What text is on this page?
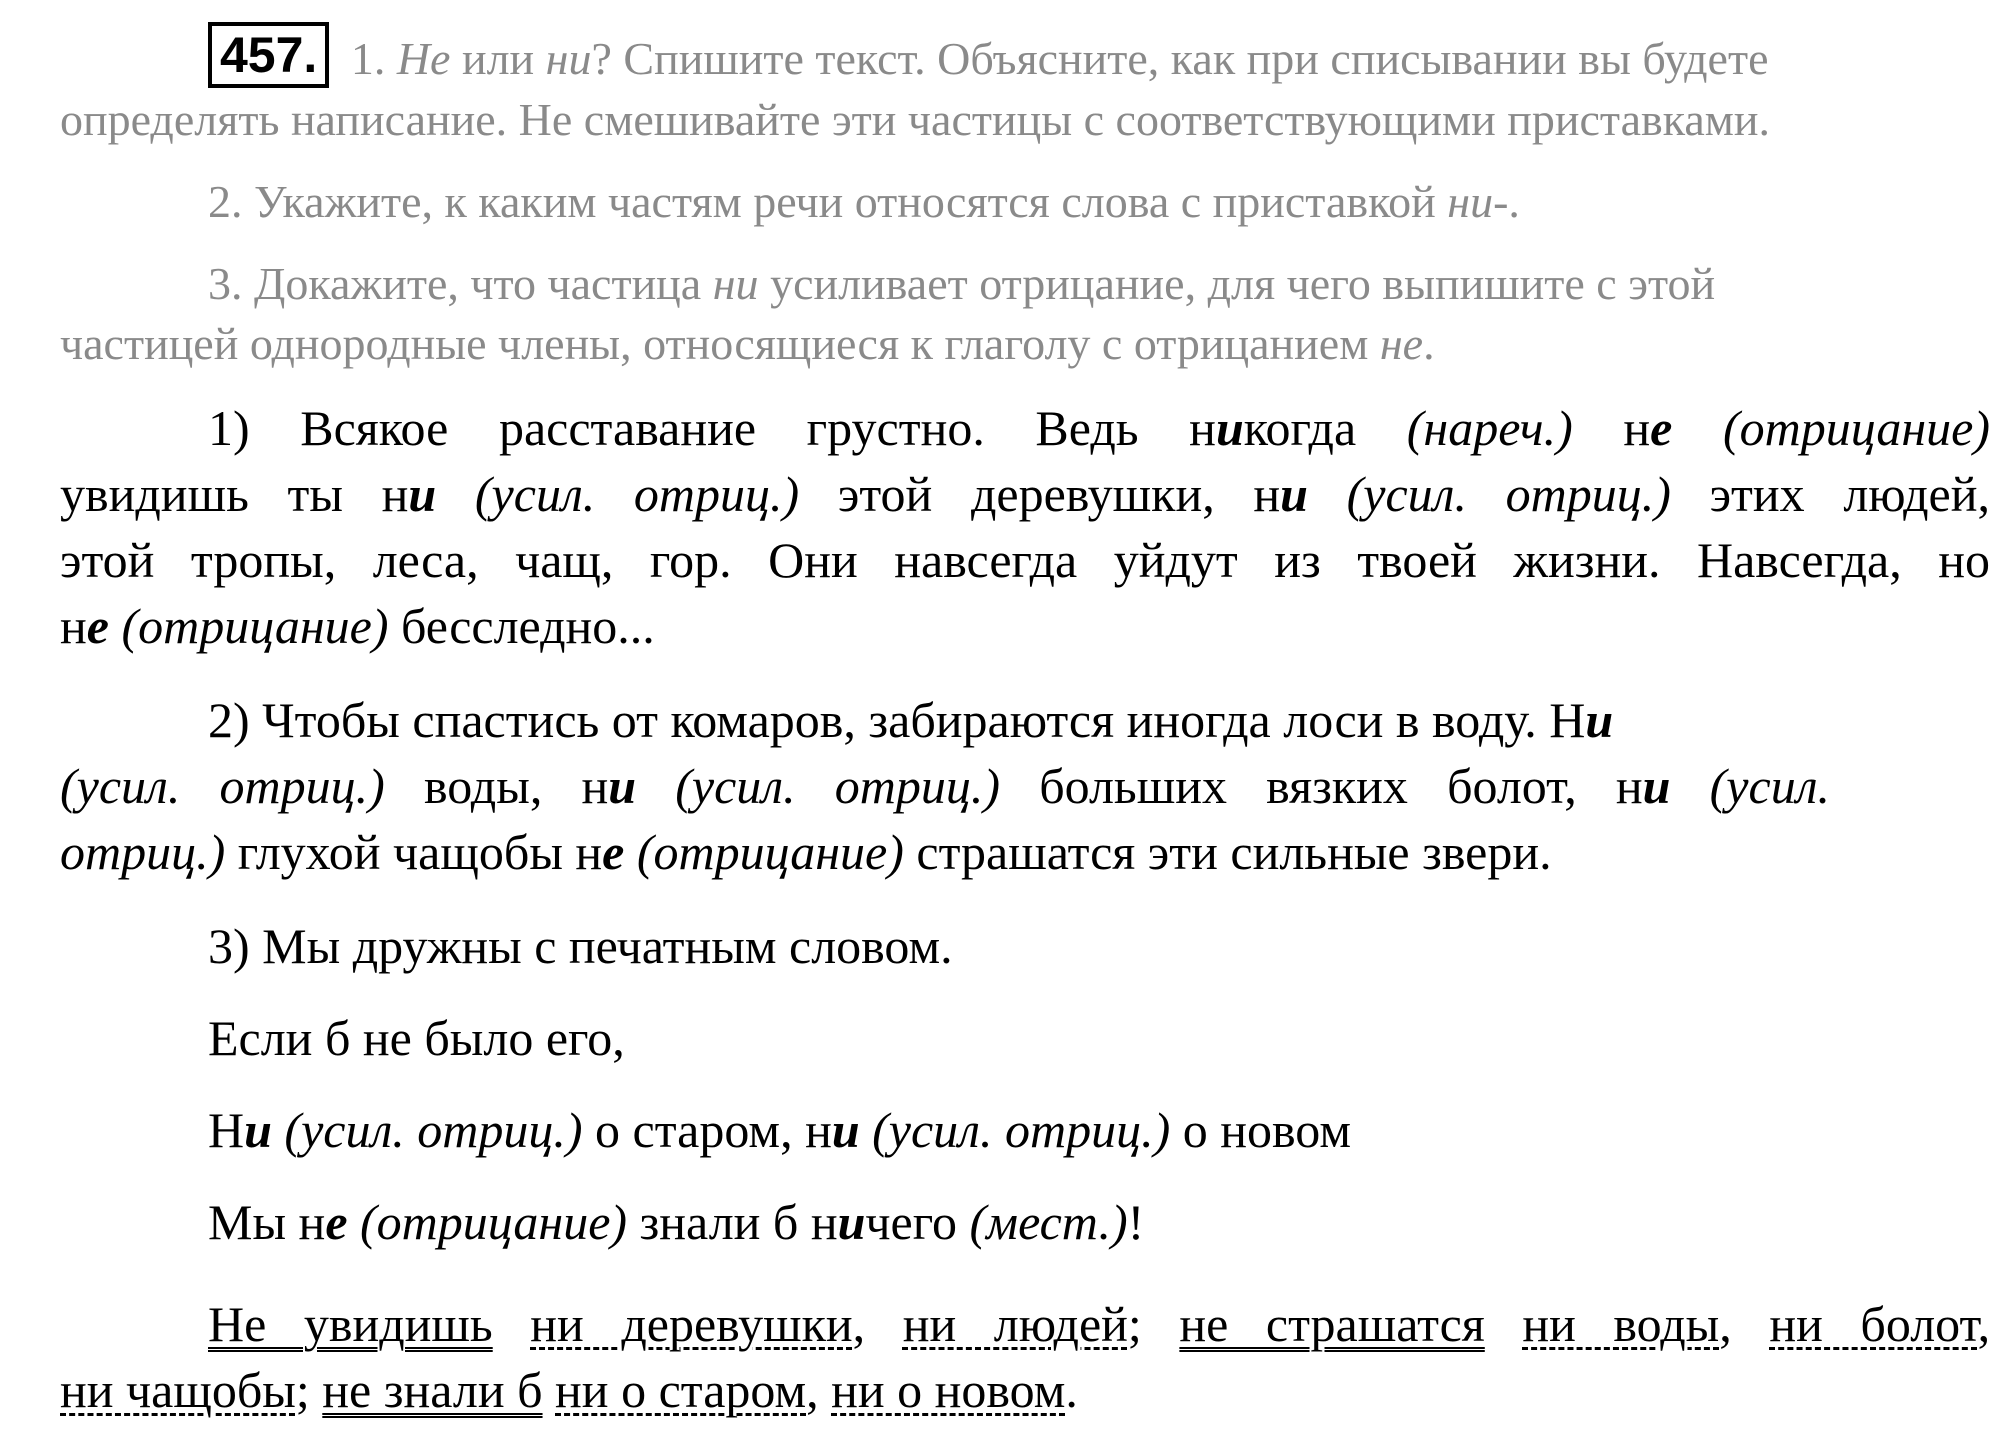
457. 1. Не или ни? Спишите текст. Объясните, как при списывании вы будете
определять написание. Не смешивайте эти частицы с соответствующими приставками.
2. Укажите, к каким частям речи относятся слова с приставкой ни-.
3. Докажите, что частица ни усиливает отрицание, для чего выпишите с этой
частицей однородные члены, относящиеся к глаголу с отрицанием не.
1) Всякое расставание грустно. Ведь никогда (нареч.) не (отрицание)
увидишь ты ни (усил. отриц.) этой деревушки, ни (усил. отриц.) этих людей,
этой тропы, леса, чащ, гор. Они навсегда уйдут из твоей жизни. Навсегда, но
не (отрицание) бесследно...
2) Чтобы спастись от комаров, забираются иногда лоси в воду. Ни
(усил. отриц.) воды, ни (усил. отриц.) больших вязких болот, ни (усил.
отриц.) глухой чащобы не (отрицание) страшатся эти сильные звери.
3) Мы дружны с печатным словом.
Если б не было его,
Ни (усил. отриц.) о старом, ни (усил. отриц.) о новом
Мы не (отрицание) знали б ничего (мест.)!
Не увидишь ни деревушки, ни людей; не страшатся ни воды, ни болот,
ни чащобы; не знали б ни о старом, ни о новом.
